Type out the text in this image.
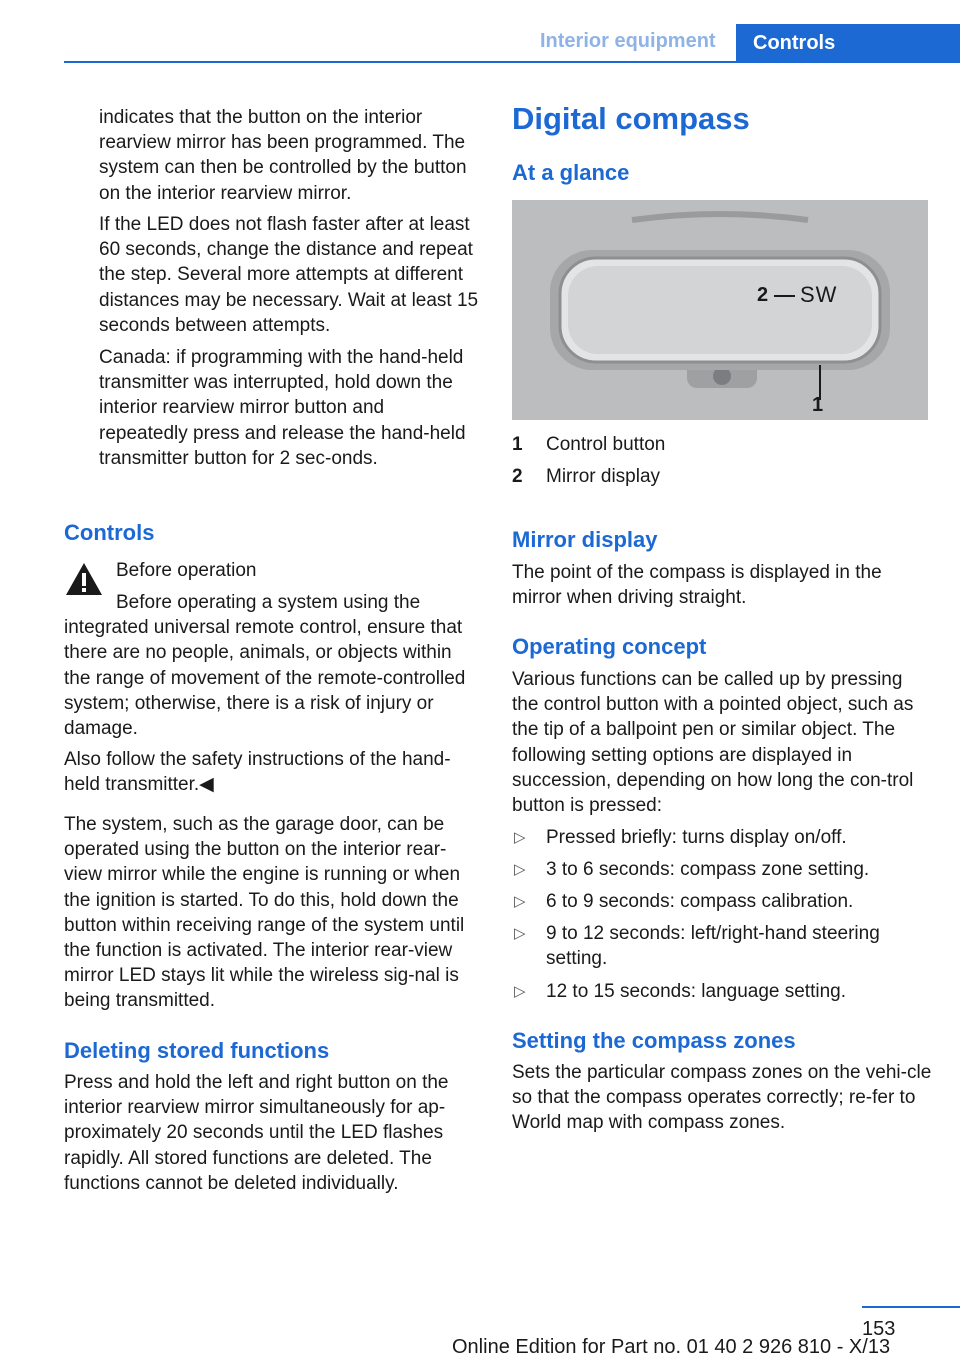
Interior equipment	Controls

indicates that the button on the interior rearview mirror has been programmed. The system can then be controlled by the button on the interior rearview mirror.

If the LED does not flash faster after at least 60 seconds, change the distance and repeat the step. Several more attempts at different distances may be necessary. Wait at least 15 seconds between attempts.

Canada: if programming with the hand-held transmitter was interrupted, hold down the interior rearview mirror button and repeatedly press and release the hand-held transmitter button for 2 sec-onds.

Controls

Before operation

Before operating a system using the integrated universal remote control, ensure that there are no people, animals, or objects within the range of movement of the remote-controlled system; otherwise, there is a risk of injury or damage.

Also follow the safety instructions of the hand-held transmitter.◀

The system, such as the garage door, can be operated using the button on the interior rear-view mirror while the engine is running or when the ignition is started. To do this, hold down the button within receiving range of the system until the function is activated. The interior rear-view mirror LED stays lit while the wireless sig-nal is being transmitted.

Deleting stored functions

Press and hold the left and right button on the interior rearview mirror simultaneously for ap-proximately 20 seconds until the LED flashes rapidly. All stored functions are deleted. The functions cannot be deleted individually.

Digital compass
At a glance
2 SW
1
1 Control button
2 Mirror display
Mirror display

The point of the compass is displayed in the mirror when driving straight.

Operating concept

Various functions can be called up by pressing the control button with a pointed object, such as the tip of a ballpoint pen or similar object. The following setting options are displayed in succession, depending on how long the con-trol button is pressed:

▷ Pressed briefly: turns display on/off.
▷ 3 to 6 seconds: compass zone setting.
▷ 6 to 9 seconds: compass calibration.
▷ 9 to 12 seconds: left/right-hand steering setting.
▷ 12 to 15 seconds: language setting.
Setting the compass zones

Sets the particular compass zones on the vehi-cle so that the compass operates correctly; re-fer to World map with compass zones.

153
Online Edition for Part no. 01 40 2 926 810 - X/13
